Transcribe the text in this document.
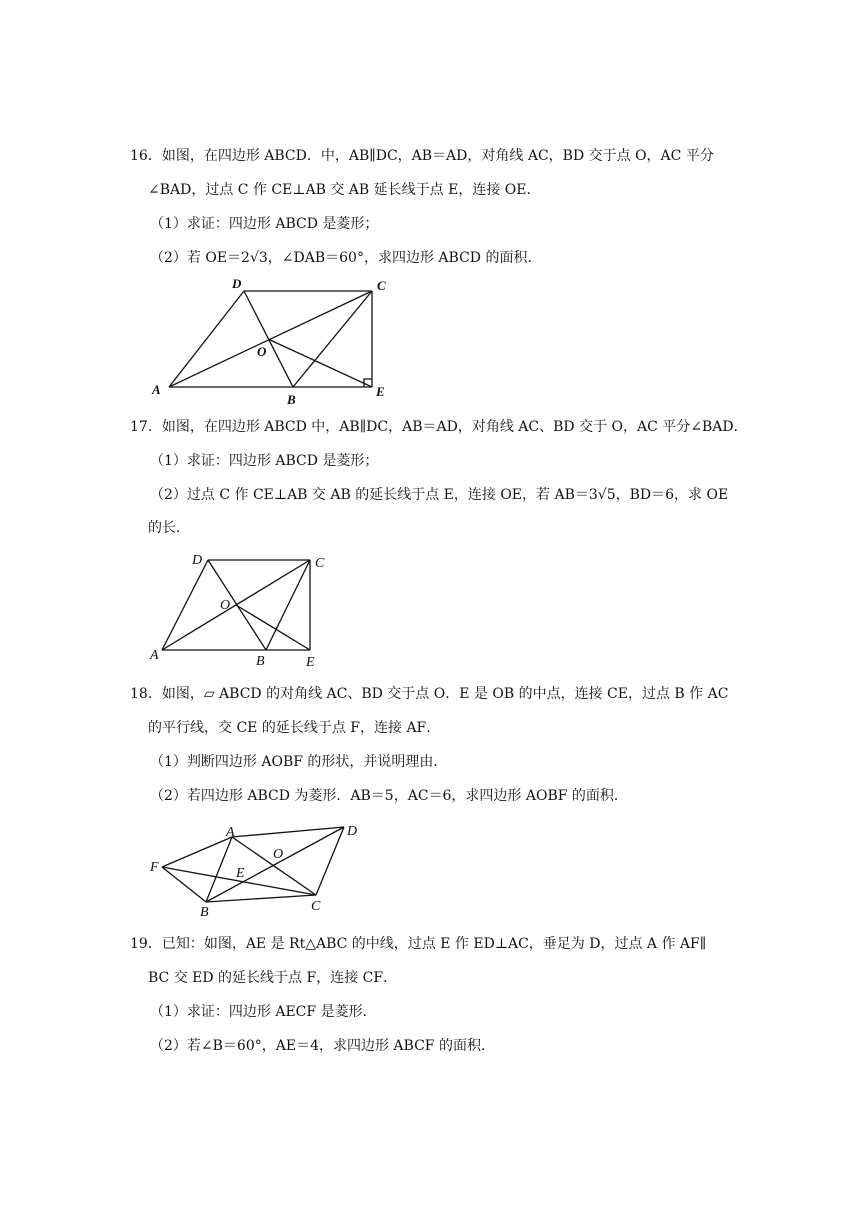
16．如图，在四边形 ABCD．中，AB∥DC，AB＝AD，对角线 AC，BD 交于点 O，AC 平分
∠BAD，过点 C 作 CE⊥AB 交 AB 延长线于点 E，连接 OE．
（1）求证：四边形 ABCD 是菱形；
（2）若 OE＝2√3，∠DAB＝60°，求四边形 ABCD 的面积．
D	C
O
A
B
E
17．如图，在四边形 ABCD 中，AB∥DC，AB＝AD，对角线 AC、BD 交于 O，AC 平分∠BAD．
（1）求证：四边形 ABCD 是菱形；
（2）过点 C 作 CE⊥AB 交 AB 的延长线于点 E，连接 OE，若 AB＝3√5，BD＝6，求 OE
的长．
D	C
O
A	B	E
18．如图，▱ ABCD 的对角线 AC、BD 交于点 O．E 是 OB 的中点，连接 CE，过点 B 作 AC
的平行线，交 CE 的延长线于点 F，连接 AF．
（1）判断四边形 AOBF 的形状，并说明理由．
（2）若四边形 ABCD 为菱形．AB＝5，AC＝6，求四边形 AOBF 的面积．
A	D
O
F	E
B	C
19．已知：如图，AE 是 Rt△ABC 的中线，过点 E 作 ED⊥AC，垂足为 D，过点 A 作 AF∥
BC 交 ED 的延长线于点 F，连接 CF．
（1）求证：四边形 AECF 是菱形．
（2）若∠B＝60°，AE＝4，求四边形 ABCF 的面积．
